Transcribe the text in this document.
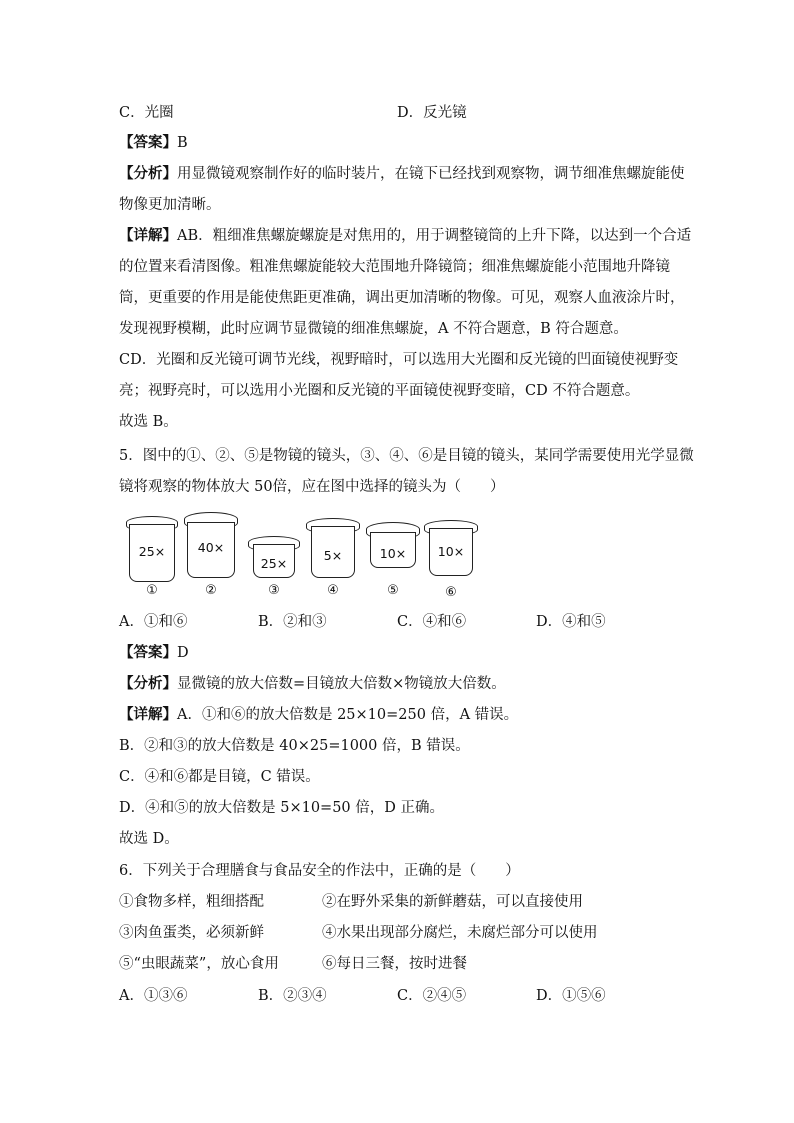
C．光圈	D．反光镜
【答案】B
【分析】用显微镜观察制作好的临时装片，在镜下已经找到观察物，调节细准焦螺旋能使
物像更加清晰。
【详解】AB．粗细准焦螺旋螺旋是对焦用的，用于调整镜筒的上升下降，以达到一个合适
的位置来看清图像。粗准焦螺旋能较大范围地升降镜筒；细准焦螺旋能小范围地升降镜
筒，更重要的作用是能使焦距更准确，调出更加清晰的物像。可见，观察人血液涂片时，
发现视野模糊，此时应调节显微镜的细准焦螺旋，A 不符合题意，B 符合题意。
CD．光圈和反光镜可调节光线，视野暗时，可以选用大光圈和反光镜的凹面镜使视野变
亮；视野亮时，可以选用小光圈和反光镜的平面镜使视野变暗，CD 不符合题意。
故选 B。
5．图中的①、②、⑤是物镜的镜头，③、④、⑥是目镜的镜头，某同学需要使用光学显微
镜将观察的物体放大 50倍，应在图中选择的镜头为（　　）
25×
①
40×
②
25×
③
5×
④
10×
⑤
10×
⑥
A．①和⑥	B．②和③	C．④和⑥	D．④和⑤
【答案】D
【分析】显微镜的放大倍数=目镜放大倍数×物镜放大倍数。
【详解】A．①和⑥的放大倍数是 25×10=250 倍，A 错误。
B．②和③的放大倍数是 40×25=1000 倍，B 错误。
C．④和⑥都是目镜，C 错误。
D．④和⑤的放大倍数是 5×10=50 倍，D 正确。
故选 D。
6．下列关于合理膳食与食品安全的作法中，正确的是（　　）
①食物多样，粗细搭配	②在野外采集的新鲜蘑菇，可以直接使用
③肉鱼蛋类，必须新鲜	④水果出现部分腐烂，未腐烂部分可以使用
⑤“虫眼蔬菜”，放心食用	⑥每日三餐，按时进餐
A．①③⑥	B．②③④	C．②④⑤	D．①⑤⑥
